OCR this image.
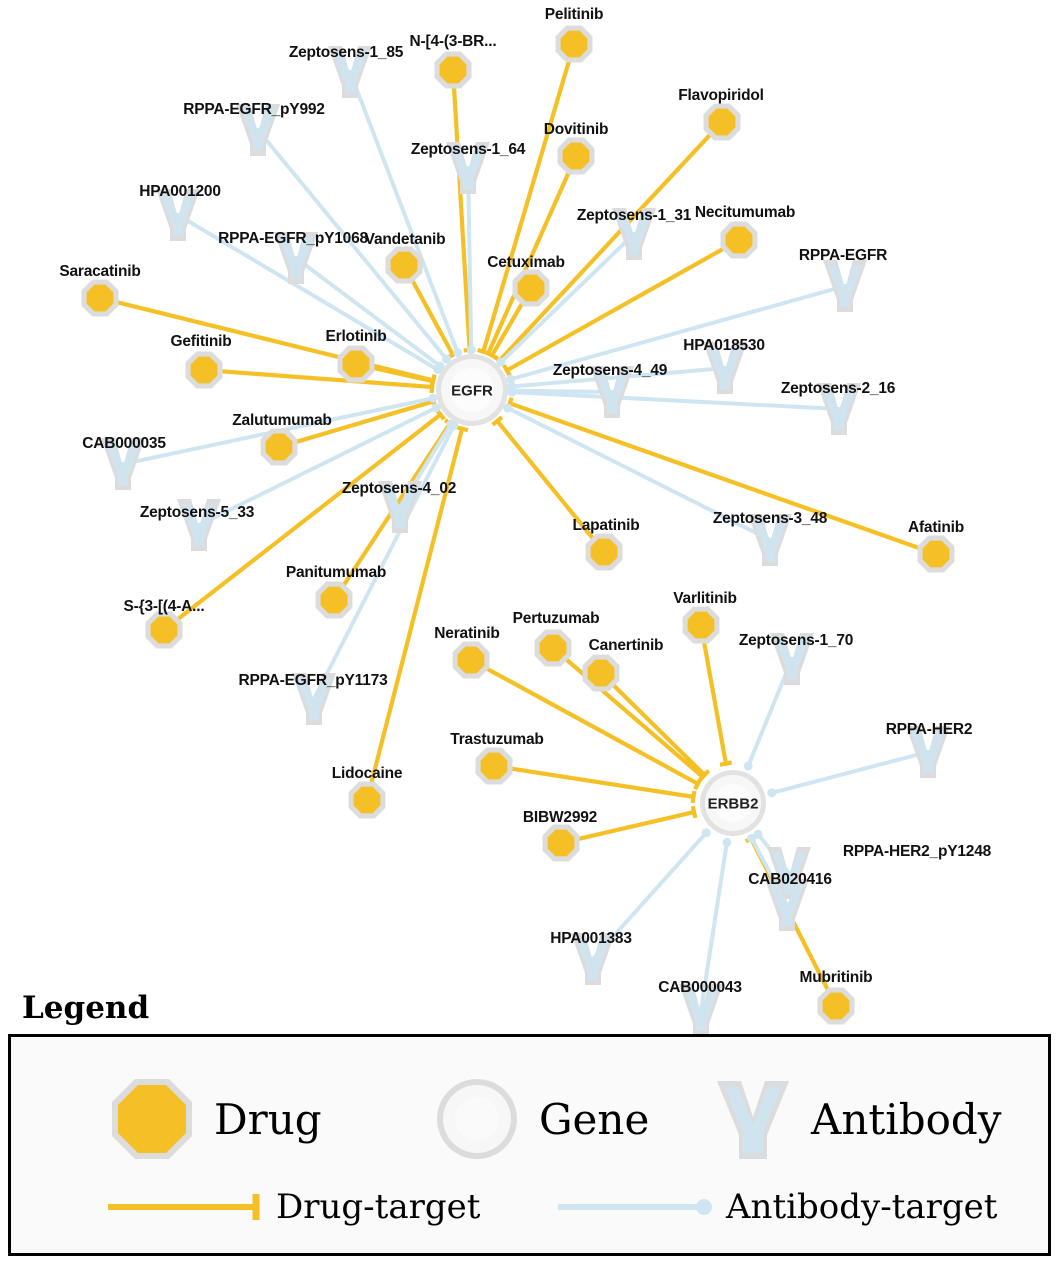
EGFR
ERBB2
Pelitinib
N-[4-(3-BR...
Flavopiridol
Dovitinib
Necitumumab
Vandetanib
Cetuximab
Saracatinib
Erlotinib
Gefitinib
Zalutumumab
Lapatinib	Afatinib
Panitumumab
S-{3-[(4-A...	Varlitinib
Neratinib
Pertuzumab
Canertinib
Trastuzumab
Lidocaine
BIBW2992
Mubritinib
Zeptosens-1_85
RPPA-EGFR_pY992
Zeptosens-1_64
HPA001200
Zeptosens-1_31
RPPA-EGFR_pY1068
RPPA-EGFR
HPA018530
Zeptosens-4_49
Zeptosens-2_16
CAB000035
Zeptosens-4_02
Zeptosens-5_33	Zeptosens-3_48
Zeptosens-1_70
RPPA-EGFR_pY1173
RPPA-HER2
RPPA-HER2_pY1248
CAB020416
HPA001383
CAB000043
Legend
Drug	Gene	Antibody
Drug-target	Antibody-target
